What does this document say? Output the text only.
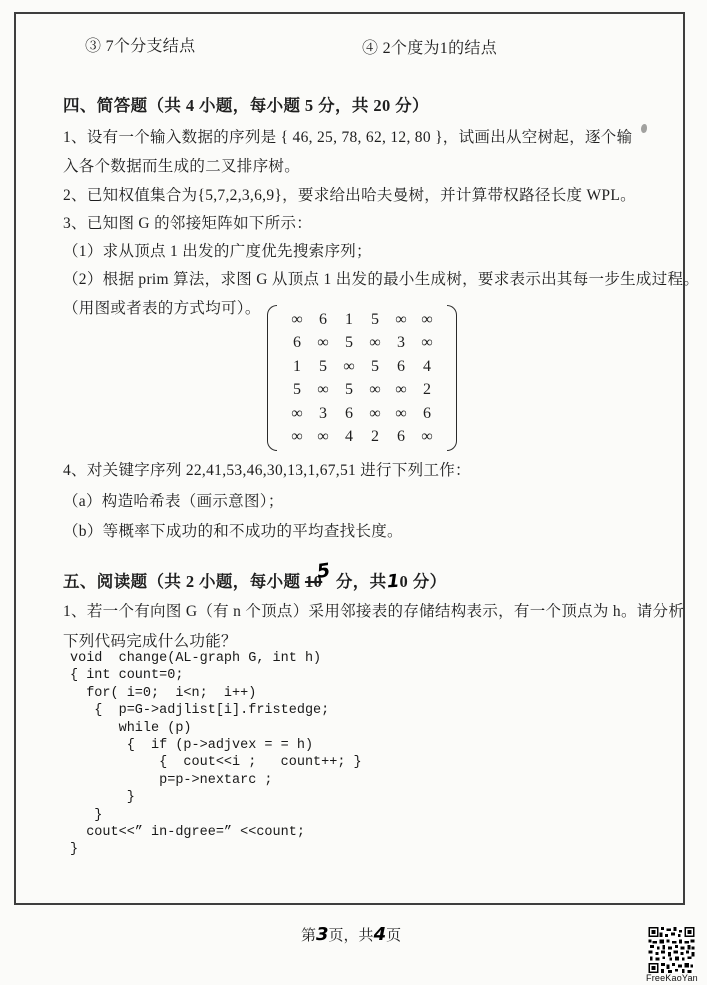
③ 7个分支结点	④ 2个度为1的结点
四、简答题（共 4 小题，每小题 5 分，共 20 分）
1、设有一个输入数据的序列是 { 46, 25, 78, 62, 12, 80 }，试画出从空树起，逐个输
入各个数据而生成的二叉排序树。
2、已知权值集合为{5,7,2,3,6,9}，要求给出哈夫曼树，并计算带权路径长度 WPL。
3、已知图 G 的邻接矩阵如下所示：
（1）求从顶点 1 出发的广度优先搜索序列；
（2）根据 prim 算法，求图 G 从顶点 1 出发的最小生成树，要求表示出其每一步生成过程。
（用图或者表的方式均可）。
∞	6	1	5	∞ ∞
6	∞	5	∞	3	∞
1	5	∞	5	6	4
5	∞	5	∞ ∞	2
∞	3	6	∞ ∞	6
∞ ∞	4	2	6	∞
4、对关键字序列 22,41,53,46,30,13,1,67,51 进行下列工作：
（a）构造哈希表（画示意图）；
（b）等概率下成功的和不成功的平均查找长度。
五、阅读题（共 2 小题，每小题 105 分，共10 分）
1、若一个有向图 G（有 n 个顶点）采用邻接表的存储结构表示，有一个顶点为 h。请分析
下列代码完成什么功能？
void  change(AL-graph G, int h)
{ int count=0;
for( i=0;  i<n;  i++)
{  p=G->adjlist[i].fristedge;
while (p)
{  if (p->adjvex = = h)
{  cout<<i ;   count++; }
p=p->nextarc ;
}
}
cout<<” in-dgree=” <<count;
}
第3页，共4页
FreeKaoYan
